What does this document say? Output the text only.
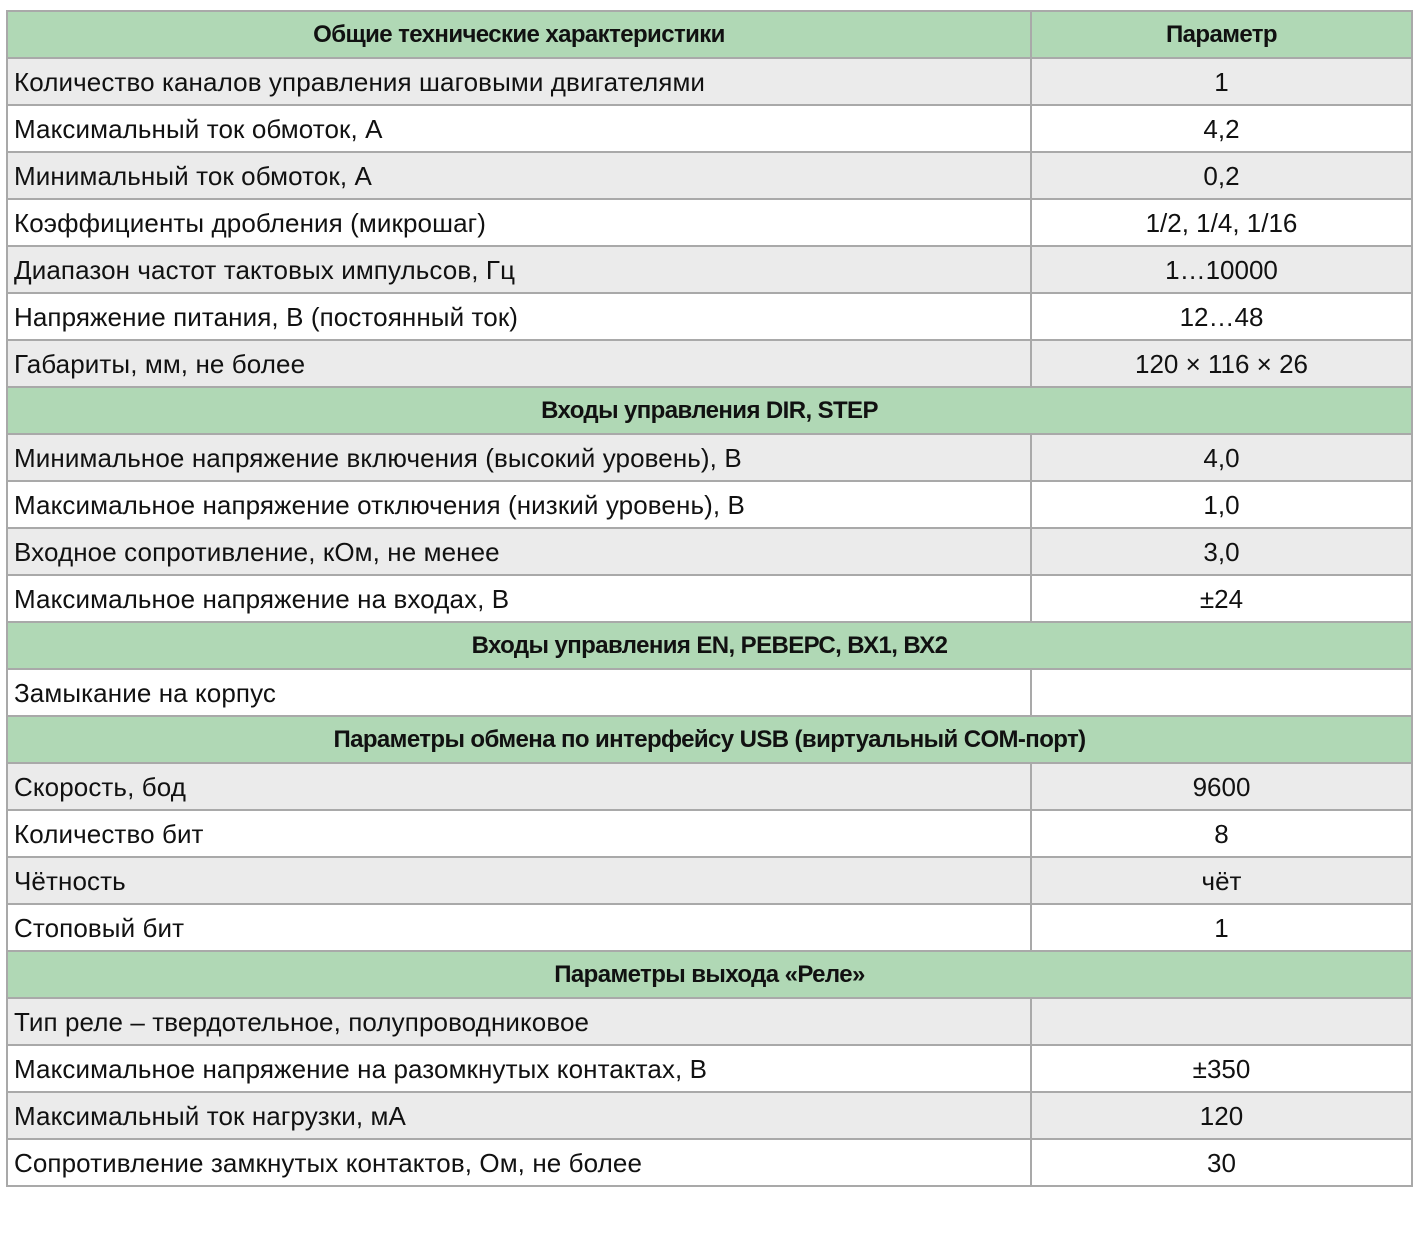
Общие технические характеристики	Параметр
Количество каналов управления шаговыми двигателями	1
Максимальный ток обмоток, А	4,2
Минимальный ток обмоток, А	0,2
Коэффициенты дробления (микрошаг)	1/2, 1/4, 1/16
Диапазон частот тактовых импульсов, Гц	1…10000
Напряжение питания, В (постоянный ток)	12…48
Габариты, мм, не более	120 × 116 × 26
Входы управления DIR, STEP	
Минимальное напряжение включения (высокий уровень), В	4,0
Максимальное напряжение отключения (низкий уровень), В	1,0
Входное сопротивление, кОм, не менее	3,0
Максимальное напряжение на входах, В	±24
Входы управления EN, РЕВЕРС, ВХ1, ВХ2	
Замыкание на корпус	
Параметры обмена по интерфейсу USB (виртуальный COM-порт)	
Скорость, бод	9600
Количество бит	8
Чётность	чёт
Стоповый бит	1
Параметры выхода «Реле»	
Тип реле – твердотельное, полупроводниковое	
Максимальное напряжение на разомкнутых контактах, В	±350
Максимальный ток нагрузки, мА	120
Сопротивление замкнутых контактов, Ом, не более	30
